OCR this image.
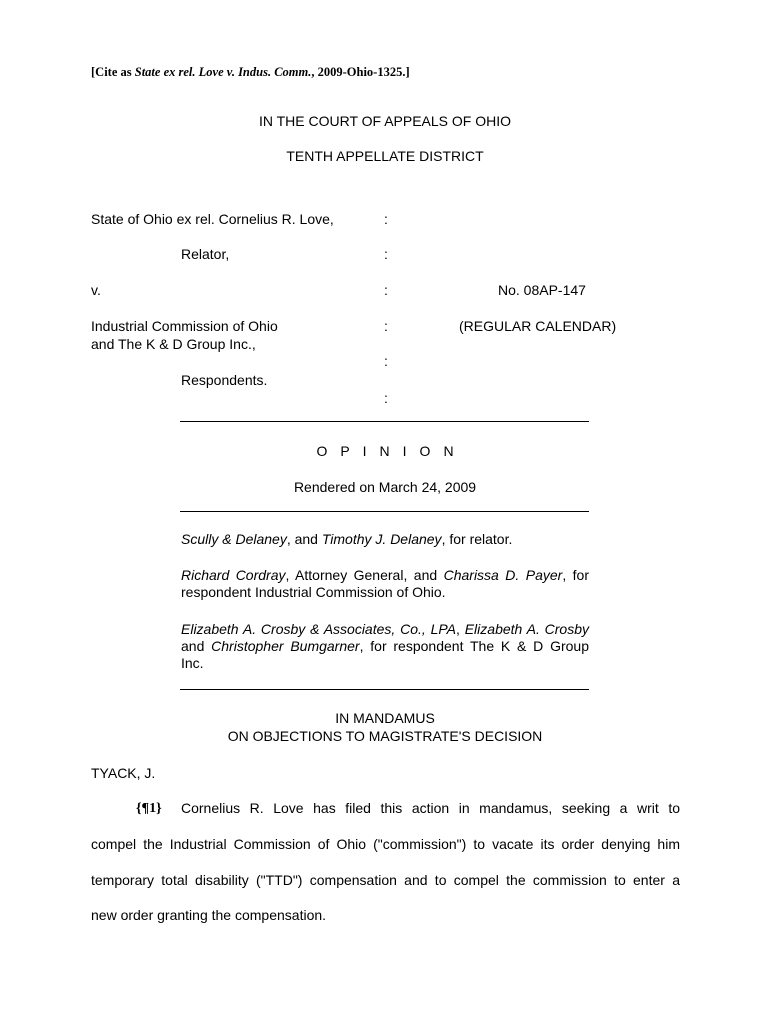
[Cite as State ex rel. Love v. Indus. Comm., 2009-Ohio-1325.]
IN THE COURT OF APPEALS OF OHIO
TENTH APPELLATE DISTRICT
State of Ohio ex rel. Cornelius R. Love,
Relator,
v.
Industrial Commission of Ohio
and The K & D Group Inc.,
Respondents.
:
:
:
:
:
:
No. 08AP-147
(REGULAR CALENDAR)
OPINION
Rendered on March 24, 2009

Scully & Delaney, and Timothy J. Delaney, for relator.

Richard Cordray, Attorney General, and Charissa D. Payer, for respondent Industrial Commission of Ohio.

Elizabeth A. Crosby & Associates, Co., LPA, Elizabeth A. Crosby and Christopher Bumgarner, for respondent The K & D Group Inc.

IN MANDAMUS
ON OBJECTIONS TO MAGISTRATE'S DECISION
TYACK, J.
{¶1} Cornelius R. Love has filed this action in mandamus, seeking a writ to
compel the Industrial Commission of Ohio ("commission") to vacate its order denying him
temporary total disability ("TTD") compensation and to compel the commission to enter a
new order granting the compensation.
